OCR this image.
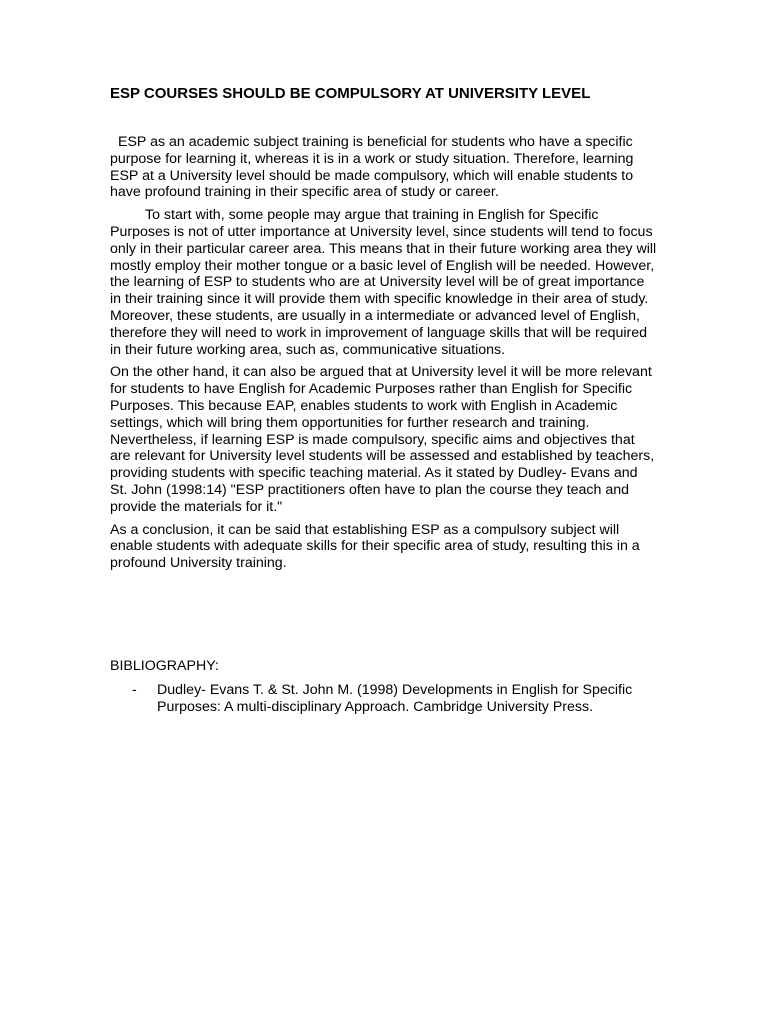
ESP COURSES SHOULD BE COMPULSORY AT UNIVERSITY LEVEL

ESP as an academic subject training is beneficial for students who have a specific purpose for learning it, whereas it is in a work or study situation. Therefore, learning ESP at a University level should be made compulsory, which will enable students to have profound training in their specific area of study or career.

To start with, some people may argue that training in English for Specific Purposes is not of utter importance at University level, since students will tend to focus only in their particular career area. This means that in their future working area they will mostly employ their mother tongue or a basic level of English will be needed. However, the learning of ESP to students who are at University level will be of great importance in their training since it will provide them with specific knowledge in their area of study. Moreover, these students, are usually in a intermediate or advanced level of English, therefore they will need to work in improvement of language skills that will be required in their future working area, such as, communicative situations.

On the other hand, it can also be argued that at University level it will be more relevant for students to have English for Academic Purposes rather than English for Specific Purposes. This because EAP, enables students to work with English in Academic settings, which will bring them opportunities for further research and training. Nevertheless, if learning ESP is made compulsory, specific aims and objectives that are relevant for University level students will be assessed and established by teachers, providing students with specific teaching material. As it stated by Dudley- Evans and St. John (1998:14) "ESP practitioners often have to plan the course they teach and provide the materials for it."

As a conclusion, it can be said that establishing ESP as a compulsory subject will enable students with adequate skills for their specific area of study, resulting this in a profound University training.

BIBLIOGRAPHY:
- Dudley- Evans T. & St. John M. (1998) Developments in English for Specific Purposes: A multi-disciplinary Approach. Cambridge University Press.
